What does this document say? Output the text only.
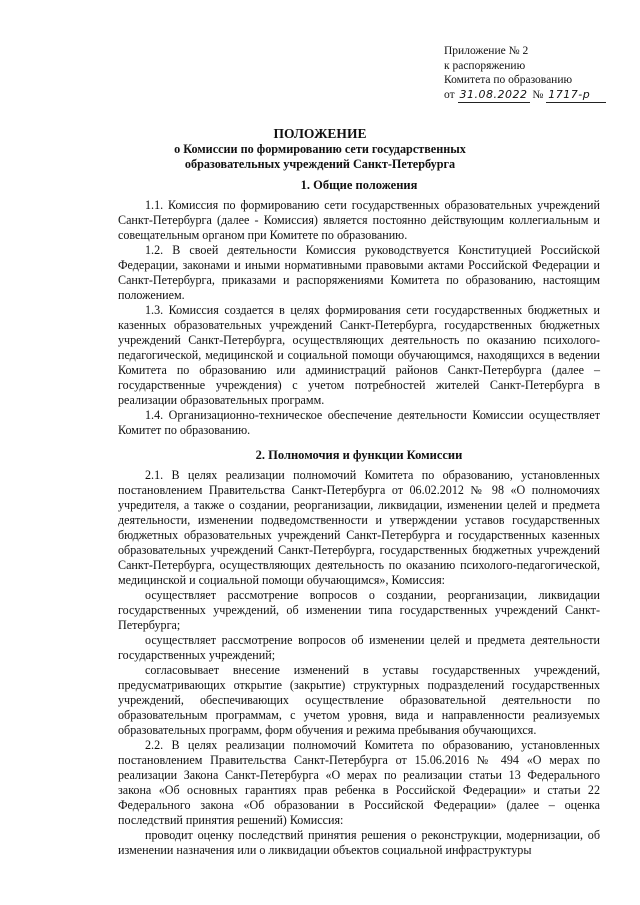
Приложение № 2
к распоряжению
Комитета по образованию
от 31.08.2022 № 1717-р
ПОЛОЖЕНИЕ
о Комиссии по формированию сети государственных
образовательных учреждений Санкт-Петербурга
1. Общие положения

1.1. Комиссия по формированию сети государственных образовательных учреждений Санкт-Петербурга (далее - Комиссия) является постоянно действующим коллегиальным и совещательным органом при Комитете по образованию.

1.2. В своей деятельности Комиссия руководствуется Конституцией Российской Федерации, законами и иными нормативными правовыми актами Российской Федерации и Санкт-Петербурга, приказами и распоряжениями Комитета по образованию, настоящим положением.

1.3. Комиссия создается в целях формирования сети государственных бюджетных и казенных образовательных учреждений Санкт-Петербурга, государственных бюджетных учреждений Санкт-Петербурга, осуществляющих деятельность по оказанию психолого-педагогической, медицинской и социальной помощи обучающимся, находящихся в ведении Комитета по образованию или администраций районов Санкт-Петербурга (далее – государственные учреждения) с учетом потребностей жителей Санкт-Петербурга в реализации образовательных программ.

1.4. Организационно-техническое обеспечение деятельности Комиссии осуществляет Комитет по образованию.

2. Полномочия и функции Комиссии

2.1. В целях реализации полномочий Комитета по образованию, установленных постановлением Правительства Санкт-Петербурга от 06.02.2012 № 98 «О полномочиях учредителя, а также о создании, реорганизации, ликвидации, изменении целей и предмета деятельности, изменении подведомственности и утверждении уставов государственных бюджетных образовательных учреждений Санкт-Петербурга и государственных казенных образовательных учреждений Санкт-Петербурга, государственных бюджетных учреждений Санкт-Петербурга, осуществляющих деятельность по оказанию психолого-педагогической, медицинской и социальной помощи обучающимся», Комиссия:

осуществляет рассмотрение вопросов о создании, реорганизации, ликвидации государственных учреждений, об изменении типа государственных учреждений Санкт-Петербурга;

осуществляет рассмотрение вопросов об изменении целей и предмета деятельности государственных учреждений;

согласовывает внесение изменений в уставы государственных учреждений, предусматривающих открытие (закрытие) структурных подразделений государственных учреждений, обеспечивающих осуществление образовательной деятельности по образовательным программам, с учетом уровня, вида и направленности реализуемых образовательных программ, форм обучения и режима пребывания обучающихся.

2.2. В целях реализации полномочий Комитета по образованию, установленных постановлением Правительства Санкт-Петербурга от 15.06.2016 № 494 «О мерах по реализации Закона Санкт-Петербурга «О мерах по реализации статьи 13 Федерального закона «Об основных гарантиях прав ребенка в Российской Федерации» и статьи 22 Федерального закона «Об образовании в Российской Федерации» (далее – оценка последствий принятия решений) Комиссия:

проводит оценку последствий принятия решения о реконструкции, модернизации, об изменении назначения или о ликвидации объектов социальной инфраструктуры
